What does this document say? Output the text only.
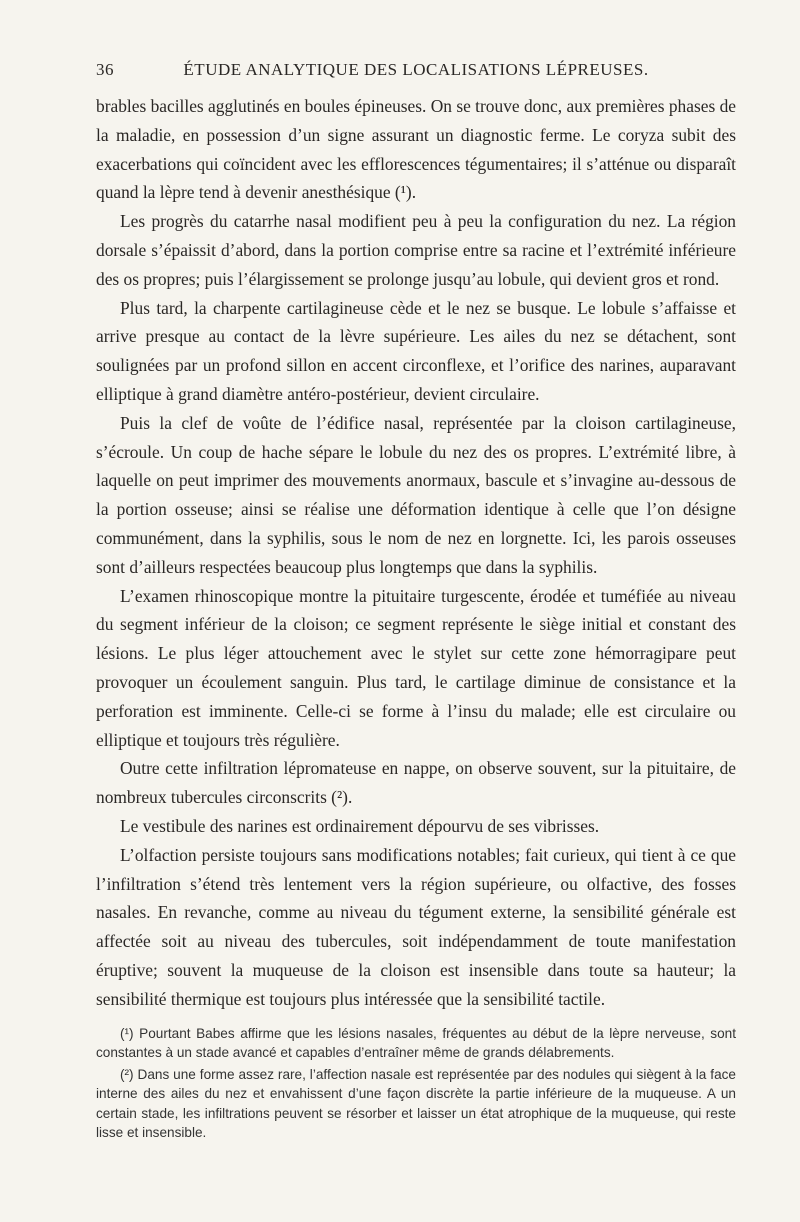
36	ÉTUDE ANALYTIQUE DES LOCALISATIONS LÉPREUSES.

brables bacilles agglutinés en boules épineuses. On se trouve donc, aux premières phases de la maladie, en possession d’un signe assurant un diagnostic ferme. Le coryza subit des exacerbations qui coïncident avec les efflorescences tégumentaires; il s’atténue ou disparaît quand la lèpre tend à devenir anesthésique (¹).

Les progrès du catarrhe nasal modifient peu à peu la configuration du nez. La région dorsale s’épaissit d’abord, dans la portion comprise entre sa racine et l’extrémité inférieure des os propres; puis l’élargissement se prolonge jusqu’au lobule, qui devient gros et rond.

Plus tard, la charpente cartilagineuse cède et le nez se busque. Le lobule s’affaisse et arrive presque au contact de la lèvre supérieure. Les ailes du nez se détachent, sont soulignées par un profond sillon en accent circonflexe, et l’orifice des narines, auparavant elliptique à grand diamètre antéro-postérieur, devient circulaire.

Puis la clef de voûte de l’édifice nasal, représentée par la cloison cartilagineuse, s’écroule. Un coup de hache sépare le lobule du nez des os propres. L’extrémité libre, à laquelle on peut imprimer des mouvements anormaux, bascule et s’invagine au-dessous de la portion osseuse; ainsi se réalise une déformation identique à celle que l’on désigne communément, dans la syphilis, sous le nom de nez en lorgnette. Ici, les parois osseuses sont d’ailleurs respectées beaucoup plus longtemps que dans la syphilis.

L’examen rhinoscopique montre la pituitaire turgescente, érodée et tuméfiée au niveau du segment inférieur de la cloison; ce segment représente le siège initial et constant des lésions. Le plus léger attouchement avec le stylet sur cette zone hémorragipare peut provoquer un écoulement sanguin. Plus tard, le cartilage diminue de consistance et la perforation est imminente. Celle-ci se forme à l’insu du malade; elle est circulaire ou elliptique et toujours très régulière.

Outre cette infiltration lépromateuse en nappe, on observe souvent, sur la pituitaire, de nombreux tubercules circonscrits (²).

Le vestibule des narines est ordinairement dépourvu de ses vibrisses.

L’olfaction persiste toujours sans modifications notables; fait curieux, qui tient à ce que l’infiltration s’étend très lentement vers la région supérieure, ou olfactive, des fosses nasales. En revanche, comme au niveau du tégument externe, la sensibilité générale est affectée soit au niveau des tubercules, soit indépendamment de toute manifestation éruptive; souvent la muqueuse de la cloison est insensible dans toute sa hauteur; la sensibilité thermique est toujours plus intéressée que la sensibilité tactile.

(¹) Pourtant Babes affirme que les lésions nasales, fréquentes au début de la lèpre nerveuse, sont constantes à un stade avancé et capables d’entraîner même de grands délabrements.

(²) Dans une forme assez rare, l’affection nasale est représentée par des nodules qui siègent à la face interne des ailes du nez et envahissent d’une façon discrète la partie inférieure de la muqueuse. A un certain stade, les infiltrations peuvent se résorber et laisser un état atrophique de la muqueuse, qui reste lisse et insensible.
